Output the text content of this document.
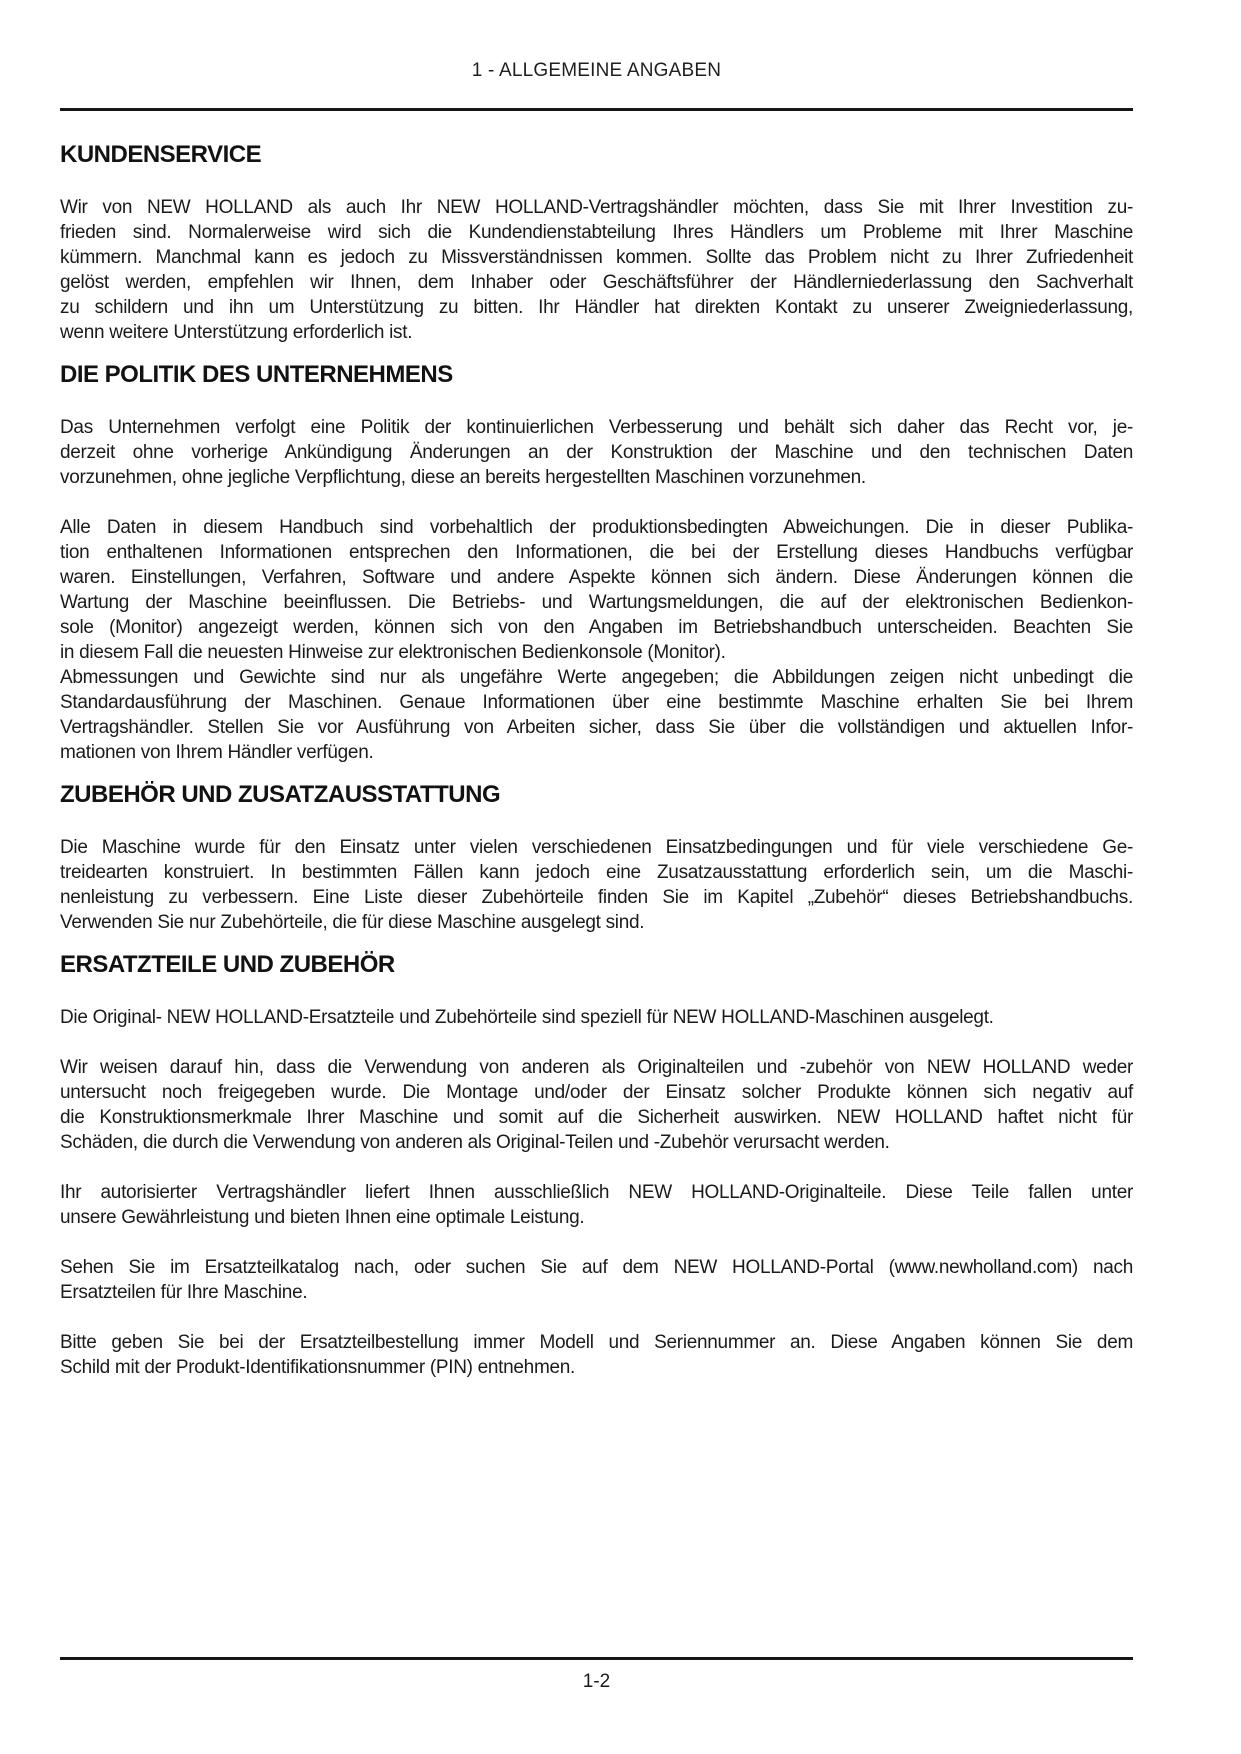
1 - ALLGEMEINE ANGABEN
KUNDENSERVICE

Wir von NEW HOLLAND als auch Ihr NEW HOLLAND-Vertragshändler möchten, dass Sie mit Ihrer Investition zu-
frieden sind. Normalerweise wird sich die Kundendienstabteilung Ihres Händlers um Probleme mit Ihrer Maschine
kümmern. Manchmal kann es jedoch zu Missverständnissen kommen. Sollte das Problem nicht zu Ihrer Zufriedenheit
gelöst werden, empfehlen wir Ihnen, dem Inhaber oder Geschäftsführer der Händlerniederlassung den Sachverhalt
zu schildern und ihn um Unterstützung zu bitten. Ihr Händler hat direkten Kontakt zu unserer Zweigniederlassung,
wenn weitere Unterstützung erforderlich ist.

DIE POLITIK DES UNTERNEHMENS

Das Unternehmen verfolgt eine Politik der kontinuierlichen Verbesserung und behält sich daher das Recht vor, je-
derzeit ohne vorherige Ankündigung Änderungen an der Konstruktion der Maschine und den technischen Daten
vorzunehmen, ohne jegliche Verpflichtung, diese an bereits hergestellten Maschinen vorzunehmen.

Alle Daten in diesem Handbuch sind vorbehaltlich der produktionsbedingten Abweichungen. Die in dieser Publika-
tion enthaltenen Informationen entsprechen den Informationen, die bei der Erstellung dieses Handbuchs verfügbar
waren. Einstellungen, Verfahren, Software und andere Aspekte können sich ändern. Diese Änderungen können die
Wartung der Maschine beeinflussen. Die Betriebs- und Wartungsmeldungen, die auf der elektronischen Bedienkon-
sole (Monitor) angezeigt werden, können sich von den Angaben im Betriebshandbuch unterscheiden. Beachten Sie
in diesem Fall die neuesten Hinweise zur elektronischen Bedienkonsole (Monitor).

Abmessungen und Gewichte sind nur als ungefähre Werte angegeben; die Abbildungen zeigen nicht unbedingt die
Standardausführung der Maschinen. Genaue Informationen über eine bestimmte Maschine erhalten Sie bei Ihrem
Vertragshändler. Stellen Sie vor Ausführung von Arbeiten sicher, dass Sie über die vollständigen und aktuellen Infor-
mationen von Ihrem Händler verfügen.

ZUBEHÖR UND ZUSATZAUSSTATTUNG

Die Maschine wurde für den Einsatz unter vielen verschiedenen Einsatzbedingungen und für viele verschiedene Ge-
treidearten konstruiert. In bestimmten Fällen kann jedoch eine Zusatzausstattung erforderlich sein, um die Maschi-
nenleistung zu verbessern. Eine Liste dieser Zubehörteile finden Sie im Kapitel „Zubehör“ dieses Betriebshandbuchs.
Verwenden Sie nur Zubehörteile, die für diese Maschine ausgelegt sind.

ERSATZTEILE UND ZUBEHÖR

Die Original- NEW HOLLAND-Ersatzteile und Zubehörteile sind speziell für NEW HOLLAND-Maschinen ausgelegt.

Wir weisen darauf hin, dass die Verwendung von anderen als Originalteilen und -zubehör von NEW HOLLAND weder
untersucht noch freigegeben wurde. Die Montage und/oder der Einsatz solcher Produkte können sich negativ auf
die Konstruktionsmerkmale Ihrer Maschine und somit auf die Sicherheit auswirken. NEW HOLLAND haftet nicht für
Schäden, die durch die Verwendung von anderen als Original-Teilen und -Zubehör verursacht werden.

Ihr autorisierter Vertragshändler liefert Ihnen ausschließlich NEW HOLLAND-Originalteile. Diese Teile fallen unter
unsere Gewährleistung und bieten Ihnen eine optimale Leistung.

Sehen Sie im Ersatzteilkatalog nach, oder suchen Sie auf dem NEW HOLLAND-Portal (www.newholland.com) nach
Ersatzteilen für Ihre Maschine.

Bitte geben Sie bei der Ersatzteilbestellung immer Modell und Seriennummer an. Diese Angaben können Sie dem
Schild mit der Produkt-Identifikationsnummer (PIN) entnehmen.

1-2
